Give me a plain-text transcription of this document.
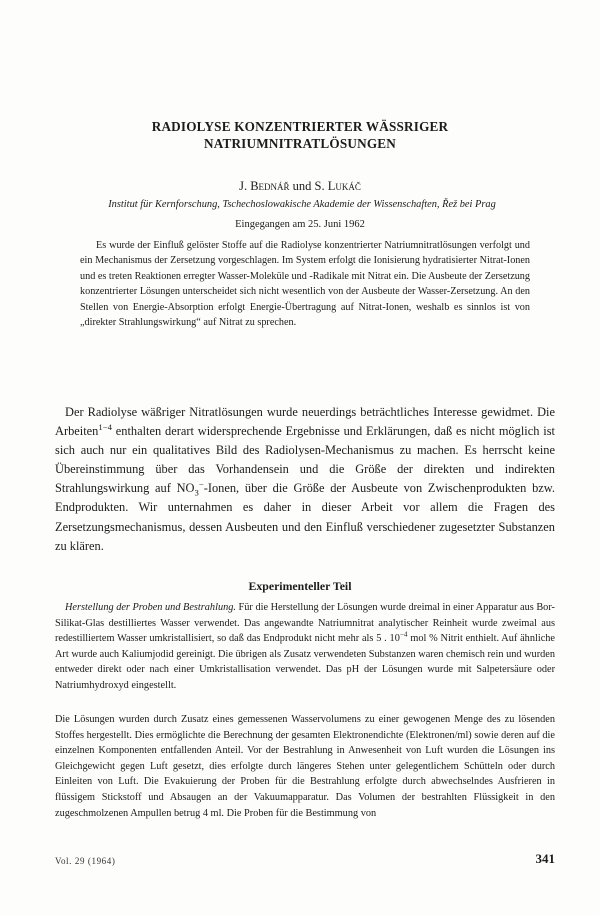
RADIOLYSE KONZENTRIERTER WÄSSRIGER
NATRIUMNITRATLÖSUNGEN
J. Bednář und S. Lukáč
Institut für Kernforschung, Tschechoslowakische Akademie der Wissenschaften, Řež bei Prag
Eingegangen am 25. Juni 1962

Es wurde der Einfluß gelöster Stoffe auf die Radiolyse konzentrierter Natriumnitratlösungen verfolgt und ein Mechanismus der Zersetzung vorgeschlagen. Im System erfolgt die Ionisierung hydratisierter Nitrat-Ionen und es treten Reaktionen erregter Wasser-Moleküle und -Radikale mit Nitrat ein. Die Ausbeute der Zersetzung konzentrierter Lösungen unterscheidet sich nicht wesentlich von der Ausbeute der Wasser-Zersetzung. An den Stellen von Energie-Absorption erfolgt Energie-Übertragung auf Nitrat-Ionen, weshalb es sinnlos ist von „direkter Strahlungswirkung“ auf Nitrat zu sprechen.

Der Radiolyse wäßriger Nitratlösungen wurde neuerdings beträchtliches Interesse gewidmet. Die Arbeiten$^{1-4}$ enthalten derart widersprechende Ergebnisse und Erklärungen, daß es nicht möglich ist sich auch nur ein qualitatives Bild des Radiolysen-Mechanismus zu machen. Es herrscht keine Übereinstimmung über das Vorhandensein und die Größe der direkten und indirekten Strahlungswirkung auf $NO_3^-$-Ionen, über die Größe der Ausbeute von Zwischenprodukten bzw. Endprodukten. Wir unternahmen es daher in dieser Arbeit vor allem die Fragen des Zersetzungsmechanismus, dessen Ausbeuten und den Einfluß verschiedener zugesetzter Substanzen zu klären.

Experimenteller Teil

Herstellung der Proben und Bestrahlung. Für die Herstellung der Lösungen wurde dreimal in einer Apparatur aus Bor-Silikat-Glas destilliertes Wasser verwendet. Das angewandte Natriumnitrat analytischer Reinheit wurde zweimal aus redestilliertem Wasser umkristallisiert, so daß das Endprodukt nicht mehr als 5 . $10^{-4}$ mol % Nitrit enthielt. Auf ähnliche Art wurde auch Kaliumjodid gereinigt. Die übrigen als Zusatz verwendeten Substanzen waren chemisch rein und wurden entweder direkt oder nach einer Umkristallisation verwendet. Das pH der Lösungen wurde mit Salpetersäure oder Natriumhydroxyd eingestellt.

Die Lösungen wurden durch Zusatz eines gemessenen Wasservolumens zu einer gewogenen Menge des zu lösenden Stoffes hergestellt. Dies ermöglichte die Berechnung der gesamten Elektronendichte (Elektronen/ml) sowie deren auf die einzelnen Komponenten entfallenden Anteil. Vor der Bestrahlung in Anwesenheit von Luft wurden die Lösungen ins Gleichgewicht gegen Luft gesetzt, dies erfolgte durch längeres Stehen unter gelegentlichem Schütteln oder durch Einleiten von Luft. Die Evakuierung der Proben für die Bestrahlung erfolgte durch abwechselndes Ausfrieren in flüssigem Stickstoff und Absaugen an der Vakuumapparatur. Das Volumen der bestrahlten Flüssigkeit in den zugeschmolzenen Ampullen betrug 4 ml. Die Proben für die Bestimmung von

Vol. 29 (1964)	341
